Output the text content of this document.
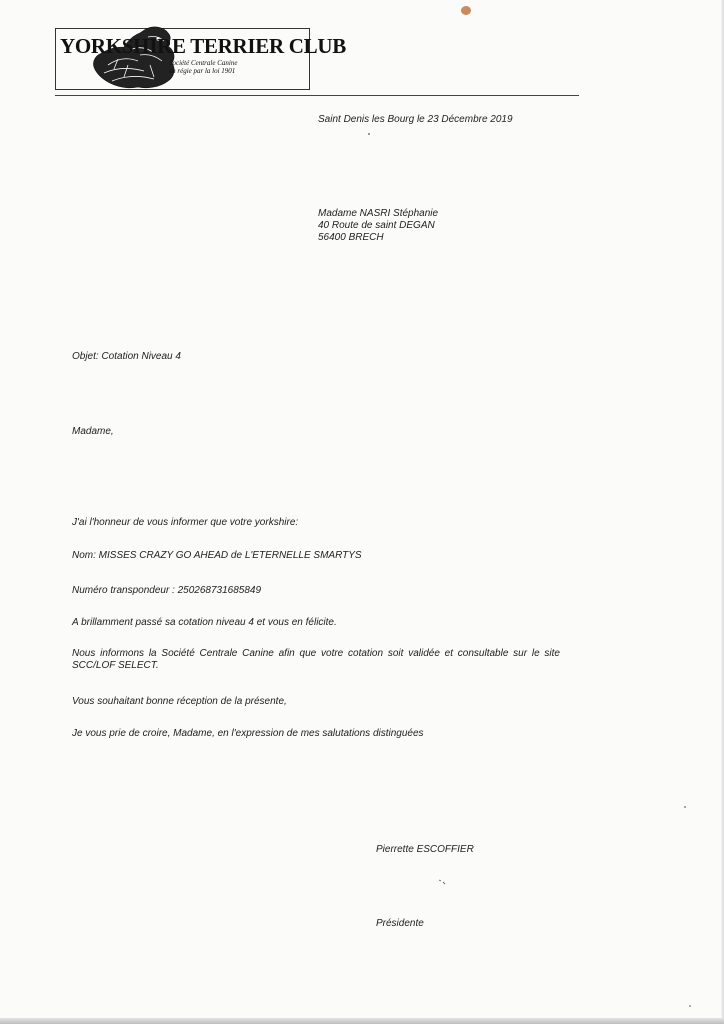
YORKSHIRE TERRIER CLUB
Société Centrale Canine
en régie par la loi 1901
Saint Denis les Bourg le 23 Décembre 2019
Madame NASRI Stéphanie
40 Route de saint DEGAN
56400 BRECH
Objet: Cotation Niveau 4
Madame,
J'ai l'honneur de vous informer que votre yorkshire:
Nom: MISSES CRAZY GO AHEAD de L'ETERNELLE SMARTYS
Numéro transpondeur : 250268731685849
A brillamment passé sa cotation niveau 4 et vous en félicite.
Nous informons la Société Centrale Canine afin que votre cotation soit validée et consultable sur le site SCC/LOF SELECT.
Vous souhaitant bonne réception de la présente,
Je vous prie de croire, Madame, en l'expression de mes salutations distinguées
Pierrette ESCOFFIER
Présidente
